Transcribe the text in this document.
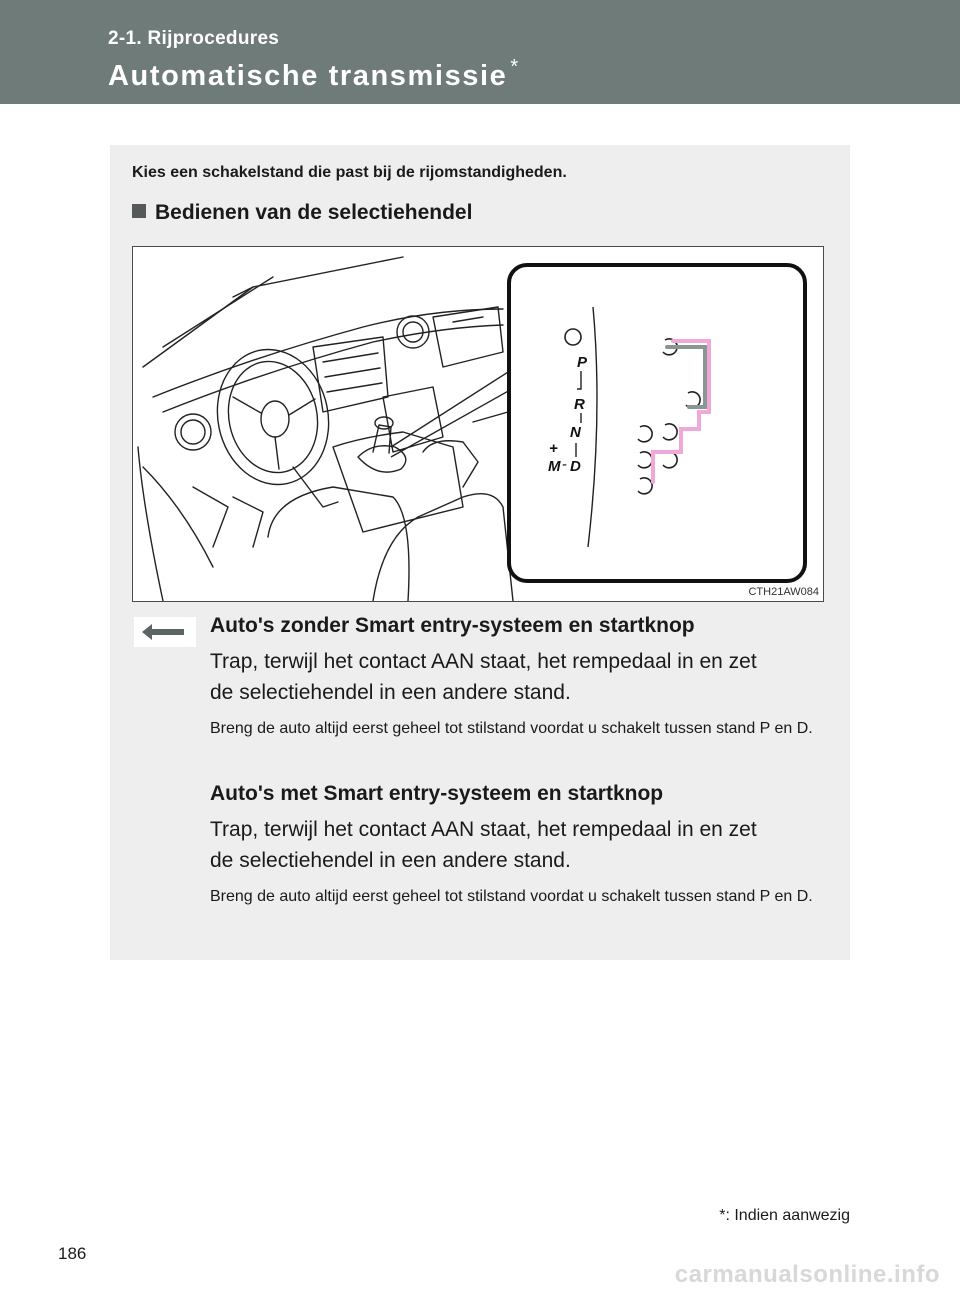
2-1. Rijprocedures
Automatische transmissie *
Kies een schakelstand die past bij de rijomstandigheden.
Bedienen van de selectiehendel
P
R
N
D
M
+
-
CTH21AW084
Auto's zonder Smart entry-systeem en startknop
Trap, terwijl het contact AAN staat, het rempedaal in en zet
de selectiehendel in een andere stand.
Breng de auto altijd eerst geheel tot stilstand voordat u schakelt tussen stand P en D.
Auto's met Smart entry-systeem en startknop
Trap, terwijl het contact AAN staat, het rempedaal in en zet
de selectiehendel in een andere stand.
Breng de auto altijd eerst geheel tot stilstand voordat u schakelt tussen stand P en D.
*: Indien aanwezig
186
carmanualsonline.info
